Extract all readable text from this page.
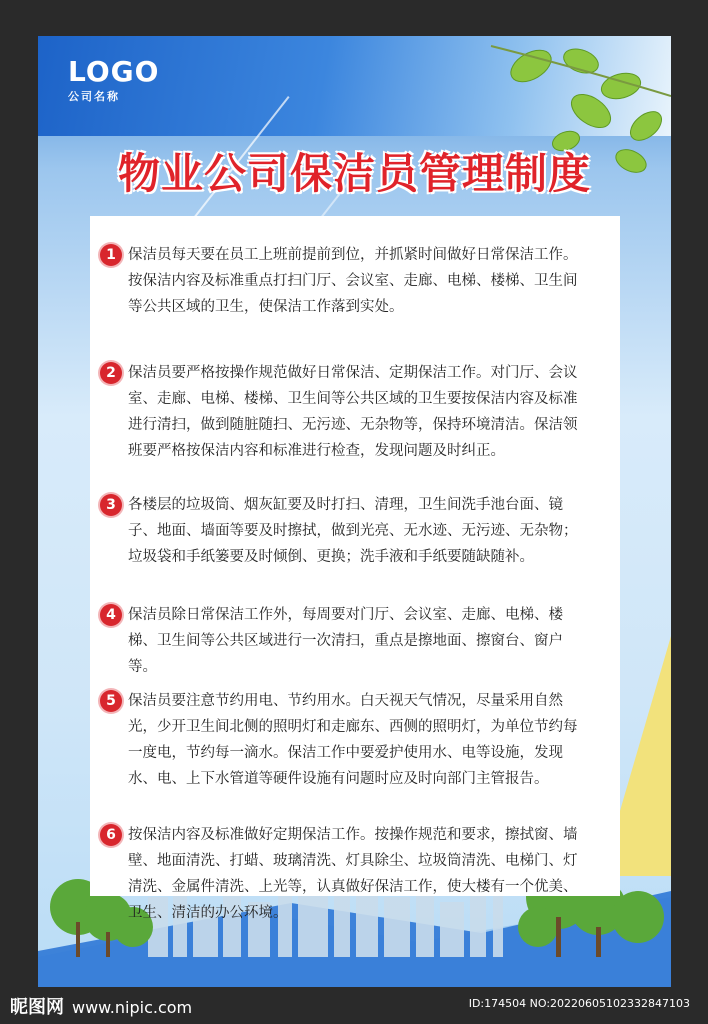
LOGO
公司名称
物业公司保洁员管理制度
1 保洁员每天要在员工上班前提前到位，并抓紧时间做好日常保洁工作。按保洁内容及标准重点打扫门厅、会议室、走廊、电梯、楼梯、卫生间等公共区域的卫生，使保洁工作落到实处。
2 保洁员要严格按操作规范做好日常保洁、定期保洁工作。对门厅、会议室、走廊、电梯、楼梯、卫生间等公共区域的卫生要按保洁内容及标准进行清扫，做到随脏随扫、无污迹、无杂物等，保持环境清洁。保洁领班要严格按保洁内容和标准进行检查，发现问题及时纠正。
3 各楼层的垃圾筒、烟灰缸要及时打扫、清理，卫生间洗手池台面、镜子、地面、墙面等要及时擦拭，做到光亮、无水迹、无污迹、无杂物；垃圾袋和手纸篓要及时倾倒、更换；洗手液和手纸要随缺随补。
4 保洁员除日常保洁工作外，每周要对门厅、会议室、走廊、电梯、楼梯、卫生间等公共区域进行一次清扫，重点是擦地面、擦窗台、窗户等。
5 保洁员要注意节约用电、节约用水。白天视天气情况，尽量采用自然光，少开卫生间北侧的照明灯和走廊东、西侧的照明灯，为单位节约每一度电，节约每一滴水。保洁工作中要爱护使用水、电等设施，发现水、电、上下水管道等硬件设施有问题时应及时向部门主管报告。
6 按保洁内容及标准做好定期保洁工作。按操作规范和要求，擦拭窗、墙壁、地面清洗、打蜡、玻璃清洗、灯具除尘、垃圾筒清洗、电梯门、灯清洗、金属件清洗、上光等，认真做好保洁工作，使大楼有一个优美、卫生、清洁的办公环境。
昵图网 www.nipic.com	ID:174504 NO:20220605102332847103
